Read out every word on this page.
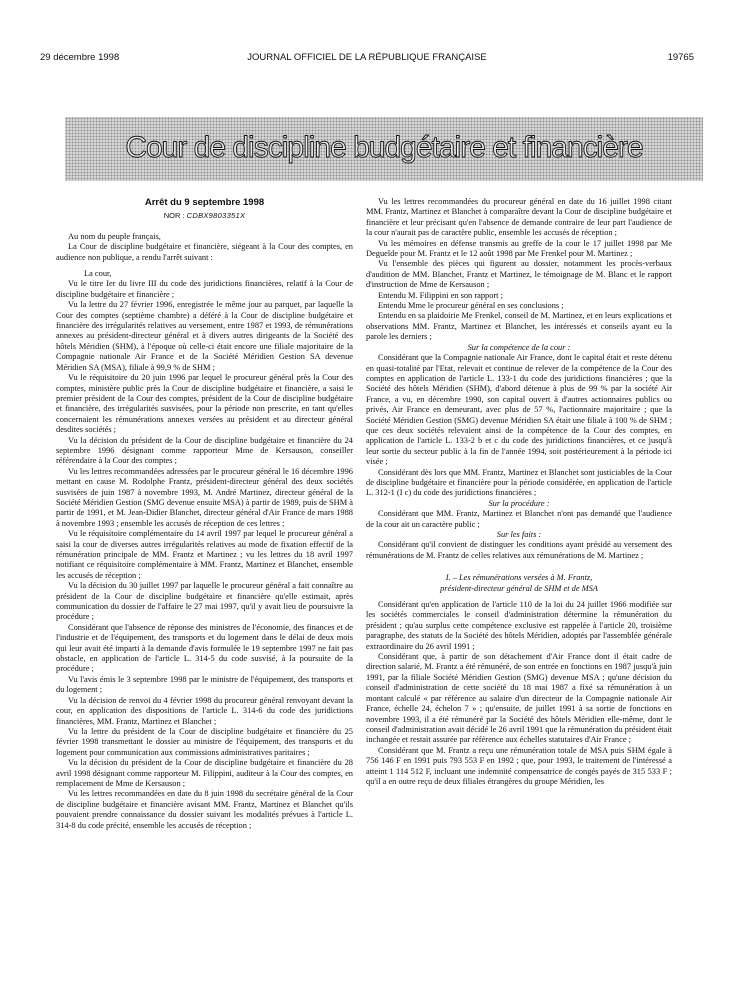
29 décembre 1998	JOURNAL OFFICIEL DE LA RÉPUBLIQUE FRANÇAISE	19765
Cour de discipline budgétaire et financière
Arrêt du 9 septembre 1998
NOR : CDBX9803351X

Au nom du peuple français,

La Cour de discipline budgétaire et financière, siégeant à la Cour des comptes, en audience non publique, a rendu l'arrêt suivant :

La cour,

Vu le titre Ier du livre III du code des juridictions financières, relatif à la Cour de discipline budgétaire et financière ;

Vu la lettre du 27 février 1996, enregistrée le même jour au parquet, par laquelle la Cour des comptes (septième chambre) a déféré à la Cour de discipline budgétaire et financière des irrégularités relatives au versement, entre 1987 et 1993, de rémunérations annexes au président-directeur général et à divers autres dirigeants de la Société des hôtels Méridien (SHM), à l'époque où celle-ci était encore une filiale majoritaire de la Compagnie nationale Air France et de la Société Méridien Gestion SA devenue Méridien SA (MSA), filiale à 99,9 % de SHM ;

Vu le réquisitoire du 20 juin 1996 par lequel le procureur général près la Cour des comptes, ministère public près la Cour de discipline budgétaire et financière, a saisi le premier président de la Cour des comptes, président de la Cour de discipline budgétaire et financière, des irrégularités susvisées, pour la période non prescrite, en tant qu'elles concernaient les rémunérations annexes versées au président et au directeur général desdites sociétés ;

Vu la décision du président de la Cour de discipline budgétaire et financière du 24 septembre 1996 désignant comme rapporteur Mme de Kersauson, conseiller référendaire à la Cour des comptes ;

Vu les lettres recommandées adressées par le procureur général le 16 décembre 1996 mettant en cause M. Rodolphe Frantz, président-directeur général des deux sociétés susvisées de juin 1987 à novembre 1993, M. André Martinez, directeur général de la Société Méridien Gestion (SMG devenue ensuite MSA) à partir de 1989, puis de SHM à partir de 1991, et M. Jean-Didier Blanchet, directeur général d'Air France de mars 1988 à novembre 1993 ; ensemble les accusés de réception de ces lettres ;

Vu le réquisitoire complémentaire du 14 avril 1997 par lequel le procureur général a saisi la cour de diverses autres irrégularités relatives au mode de fixation effectif de la rémunération principale de MM. Frantz et Martinez ; vu les lettres du 18 avril 1997 notifiant ce réquisitoire complémentaire à MM. Frantz, Martinez et Blanchet, ensemble les accusés de réception ;

Vu la décision du 30 juillet 1997 par laquelle le procureur général a fait connaître au président de la Cour de discipline budgétaire et financière qu'elle estimait, après communication du dossier de l'affaire le 27 mai 1997, qu'il y avait lieu de poursuivre la procédure ;

Considérant que l'absence de réponse des ministres de l'économie, des finances et de l'industrie et de l'équipement, des transports et du logement dans le délai de deux mois qui leur avait été imparti à la demande d'avis formulée le 19 septembre 1997 ne fait pas obstacle, en application de l'article L. 314-5 du code susvisé, à la poursuite de la procédure ;

Vu l'avis émis le 3 septembre 1998 par le ministre de l'équipement, des transports et du logement ;

Vu la décision de renvoi du 4 février 1998 du procureur général renvoyant devant la cour, en application des dispositions de l'article L. 314-6 du code des juridictions financières, MM. Frantz, Martinez et Blanchet ;

Vu la lettre du président de la Cour de discipline budgétaire et financière du 25 février 1998 transmettant le dossier au ministre de l'équipement, des transports et du logement pour communication aux commissions administratives paritaires ;

Vu la décision du président de la Cour de discipline budgétaire et financière du 28 avril 1998 désignant comme rapporteur M. Filippini, auditeur à la Cour des comptes, en remplacement de Mme de Kersauson ;

Vu les lettres recommandées en date du 8 juin 1998 du secrétaire général de la Cour de discipline budgétaire et financière avisant MM. Frantz, Martinez et Blanchet qu'ils pouvaient prendre connaissance du dossier suivant les modalités prévues à l'article L. 314-8 du code précité, ensemble les accusés de réception ;

Vu les lettres recommandées du procureur général en date du 16 juillet 1998 citant MM. Frantz, Martinez et Blanchet à comparaître devant la Cour de discipline budgétaire et financière et leur précisant qu'en l'absence de demande contraire de leur part l'audience de la cour n'aurait pas de caractère public, ensemble les accusés de réception ;

Vu les mémoires en défense transmis au greffe de la cour le 17 juillet 1998 par Me Deguelde pour M. Frantz et le 12 août 1998 par Me Frenkel pour M. Martinez ;

Vu l'ensemble des pièces qui figurent au dossier, notamment les procès-verbaux d'audition de MM. Blanchet, Frantz et Martinez, le témoignage de M. Blanc et le rapport d'instruction de Mme de Kersauson ;

Entendu M. Filippini en son rapport ;

Entendu Mme le procureur général en ses conclusions ;

Entendu en sa plaidoirie Me Frenkel, conseil de M. Martinez, et en leurs explications et observations MM. Frantz, Martinez et Blanchet, les intéressés et conseils ayant eu la parole les derniers ;

Sur la compétence de la cour :

Considérant que la Compagnie nationale Air France, dont le capital était et reste détenu en quasi-totalité par l'Etat, relevait et continue de relever de la compétence de la Cour des comptes en application de l'article L. 133-1 du code des juridictions financières ; que la Société des hôtels Méridien (SHM), d'abord détenue à plus de 99 % par la société Air France, a vu, en décembre 1990, son capital ouvert à d'autres actionnaires publics ou privés, Air France en demeurant, avec plus de 57 %, l'actionnaire majoritaire ; que la Société Méridien Gestion (SMG) devenue Méridien SA était une filiale à 100 % de SHM ; que ces deux sociétés relevaient ainsi de la compétence de la Cour des comptes, en application de l'article L. 133-2 b et c du code des juridictions financières, et ce jusqu'à leur sortie du secteur public à la fin de l'année 1994, soit postérieurement à la période ici visée ;

Considérant dès lors que MM. Frantz, Martinez et Blanchet sont justiciables de la Cour de discipline budgétaire et financière pour la période considérée, en application de l'article L. 312-1 (I c) du code des juridictions financières ;

Sur la procédure :

Considérant que MM. Frantz, Martinez et Blanchet n'ont pas demandé que l'audience de la cour ait un caractère public ;

Sur les faits :

Considérant qu'il convient de distinguer les conditions ayant présidé au versement des rémunérations de M. Frantz de celles relatives aux rémunérations de M. Martinez ;

I. – Les rémunérations versées à M. Frantz,
président-directeur général de SHM et de MSA

Considérant qu'en application de l'article 110 de la loi du 24 juillet 1966 modifiée sur les sociétés commerciales le conseil d'administration détermine la rémunération du président ; qu'au surplus cette compétence exclusive est rappelée à l'article 20, troisième paragraphe, des statuts de la Société des hôtels Méridien, adoptés par l'assemblée générale extraordinaire du 26 avril 1991 ;

Considérant que, à partir de son détachement d'Air France dont il était cadre de direction salarié, M. Frantz a été rémunéré, de son entrée en fonctions en 1987 jusqu'à juin 1991, par la filiale Société Méridien Gestion (SMG) devenue MSA ; qu'une décision du conseil d'administration de cette société du 18 mai 1987 a fixé sa rémunération à un montant calculé « par référence au salaire d'un directeur de la Compagnie nationale Air France, échelle 24, échelon 7 » ; qu'ensuite, de juillet 1991 à sa sortie de fonctions en novembre 1993, il a été rémunéré par la Société des hôtels Méridien elle-même, dont le conseil d'administration avait décidé le 26 avril 1991 que la rémunération du président était inchangée et restait assurée par référence aux échelles statutaires d'Air France ;

Considérant que M. Frantz a reçu une rémunération totale de MSA puis SHM égale à 756 146 F en 1991 puis 793 553 F en 1992 ; que, pour 1993, le traitement de l'intéressé a atteint 1 114 512 F, incluant une indemnité compensatrice de congés payés de 315 533 F ; qu'il a en outre reçu de deux filiales étrangères du groupe Méridien, les
